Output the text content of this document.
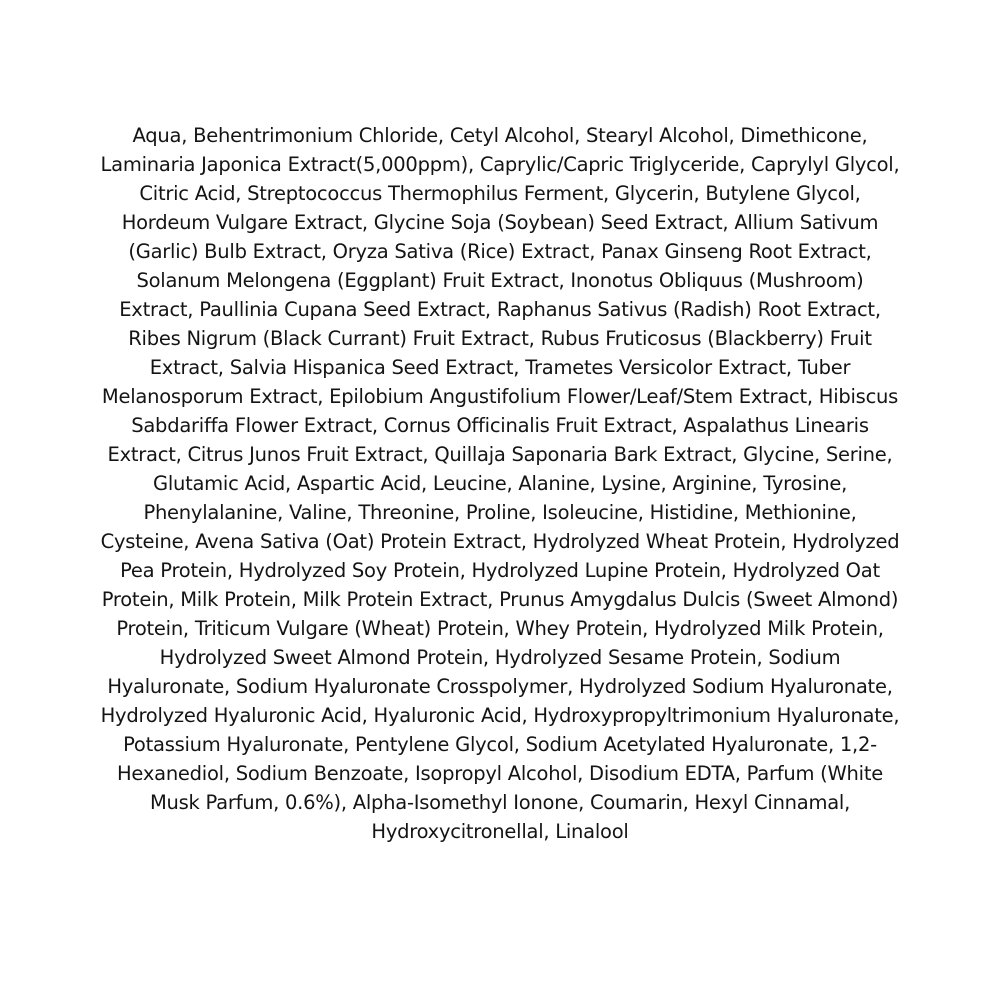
Aqua, Behentrimonium Chloride, Cetyl Alcohol, Stearyl Alcohol, Dimethicone, Laminaria Japonica Extract(5,000ppm), Caprylic/Capric Triglyceride, Caprylyl Glycol, Citric Acid, Streptococcus Thermophilus Ferment, Glycerin, Butylene Glycol, Hordeum Vulgare Extract, Glycine Soja (Soybean) Seed Extract, Allium Sativum (Garlic) Bulb Extract, Oryza Sativa (Rice) Extract, Panax Ginseng Root Extract, Solanum Melongena (Eggplant) Fruit Extract, Inonotus Obliquus (Mushroom) Extract, Paullinia Cupana Seed Extract, Raphanus Sativus (Radish) Root Extract, Ribes Nigrum (Black Currant) Fruit Extract, Rubus Fruticosus (Blackberry) Fruit Extract, Salvia Hispanica Seed Extract, Trametes Versicolor Extract, Tuber Melanosporum Extract, Epilobium Angustifolium Flower/Leaf/Stem Extract, Hibiscus Sabdariffa Flower Extract, Cornus Officinalis Fruit Extract, Aspalathus Linearis Extract, Citrus Junos Fruit Extract, Quillaja Saponaria Bark Extract, Glycine, Serine, Glutamic Acid, Aspartic Acid, Leucine, Alanine, Lysine, Arginine, Tyrosine, Phenylalanine, Valine, Threonine, Proline, Isoleucine, Histidine, Methionine, Cysteine, Avena Sativa (Oat) Protein Extract, Hydrolyzed Wheat Protein, Hydrolyzed Pea Protein, Hydrolyzed Soy Protein, Hydrolyzed Lupine Protein, Hydrolyzed Oat Protein, Milk Protein, Milk Protein Extract, Prunus Amygdalus Dulcis (Sweet Almond) Protein, Triticum Vulgare (Wheat) Protein, Whey Protein, Hydrolyzed Milk Protein, Hydrolyzed Sweet Almond Protein, Hydrolyzed Sesame Protein, Sodium Hyaluronate, Sodium Hyaluronate Crosspolymer, Hydrolyzed Sodium Hyaluronate, Hydrolyzed Hyaluronic Acid, Hyaluronic Acid, Hydroxypropyltrimonium Hyaluronate, Potassium Hyaluronate, Pentylene Glycol, Sodium Acetylated Hyaluronate, 1,2-Hexanediol, Sodium Benzoate, Isopropyl Alcohol, Disodium EDTA, Parfum (White Musk Parfum, 0.6%), Alpha-Isomethyl Ionone, Coumarin, Hexyl Cinnamal, Hydroxycitronellal, Linalool
